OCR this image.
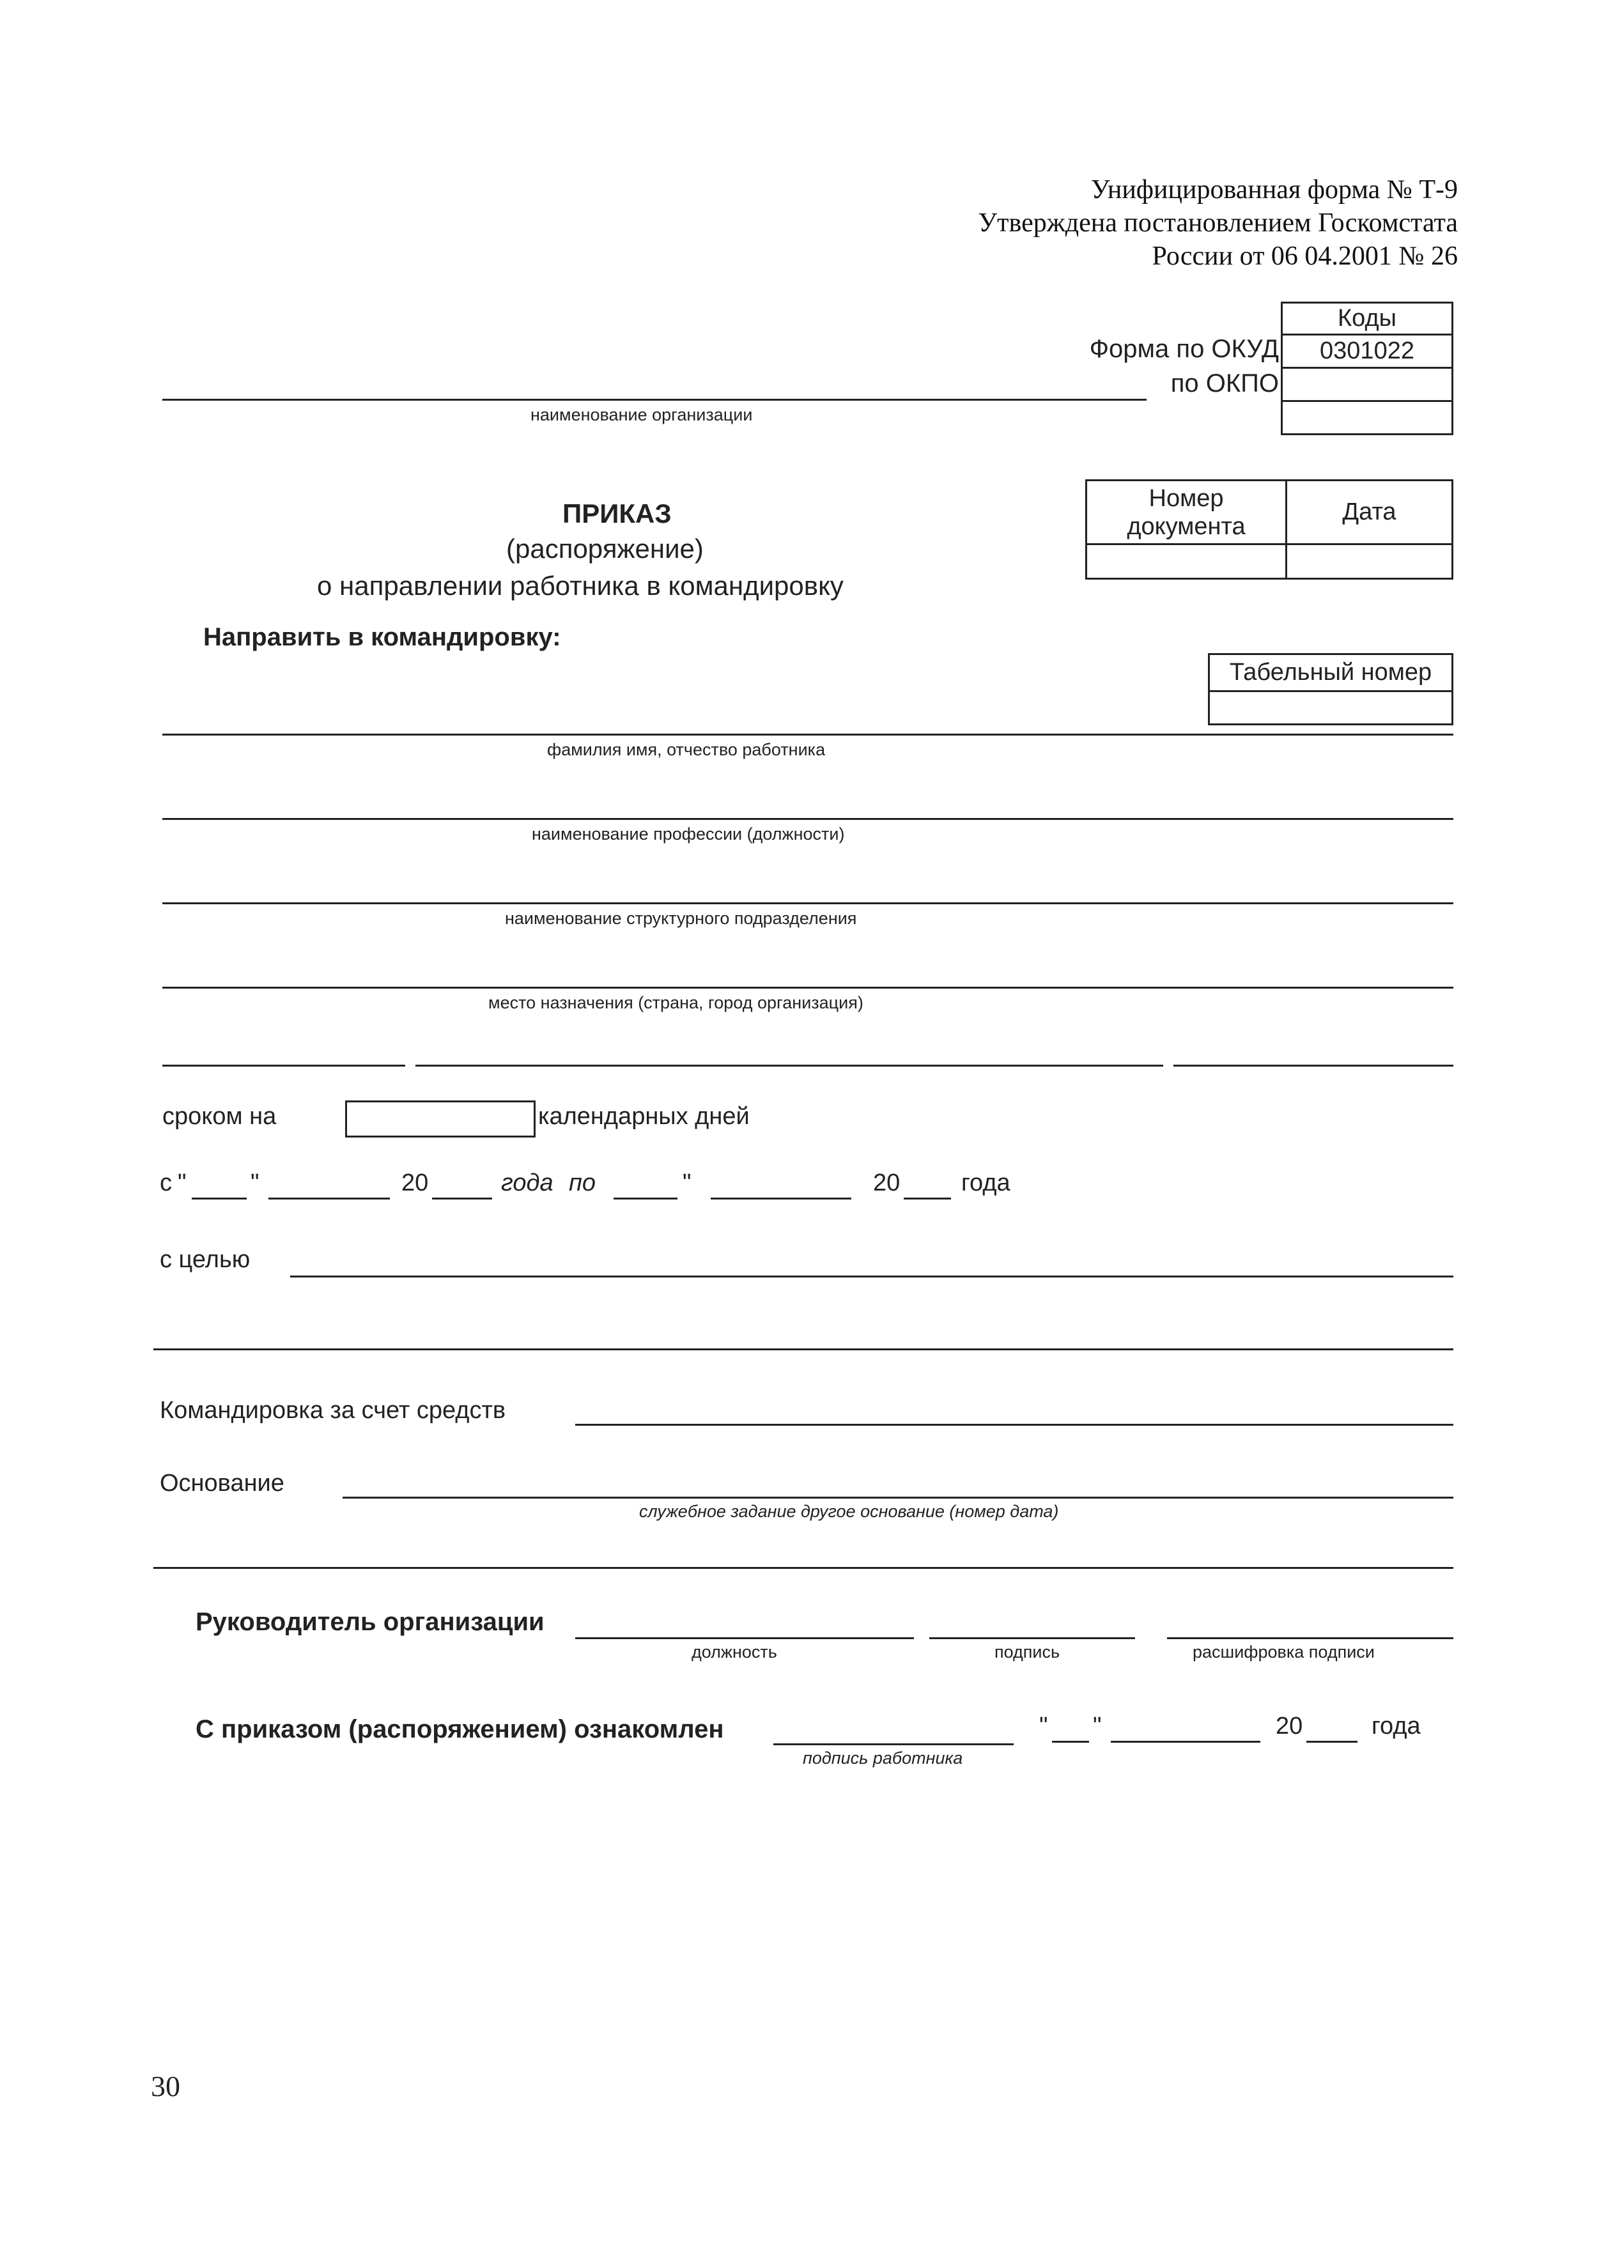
Унифицированная форма № Т-9
Утверждена постановлением Госкомстата
России от 06 04.2001 № 26
Коды
0301022

Форма по ОКУД
по ОКПО
наименование организации
ПРИКАЗ
(распоряжение)
о направлении работника в командировку
Номер документа	Дата

Направить в командировку:
Табельный номер

фамилия имя, отчество работника
наименование профессии (должности)
наименование структурного подразделения
место назначения (страна, город организация)
сроком на	календарных дней
с "	"	20	года по	"	20	года
с целью
Командировка за счет средств
Основание
служебное задание другое основание (номер дата)
Руководитель организации
должность	подпись	расшифровка подписи
С приказом (распоряжением) ознакомлен
подпись работника
" "	20	года
30
